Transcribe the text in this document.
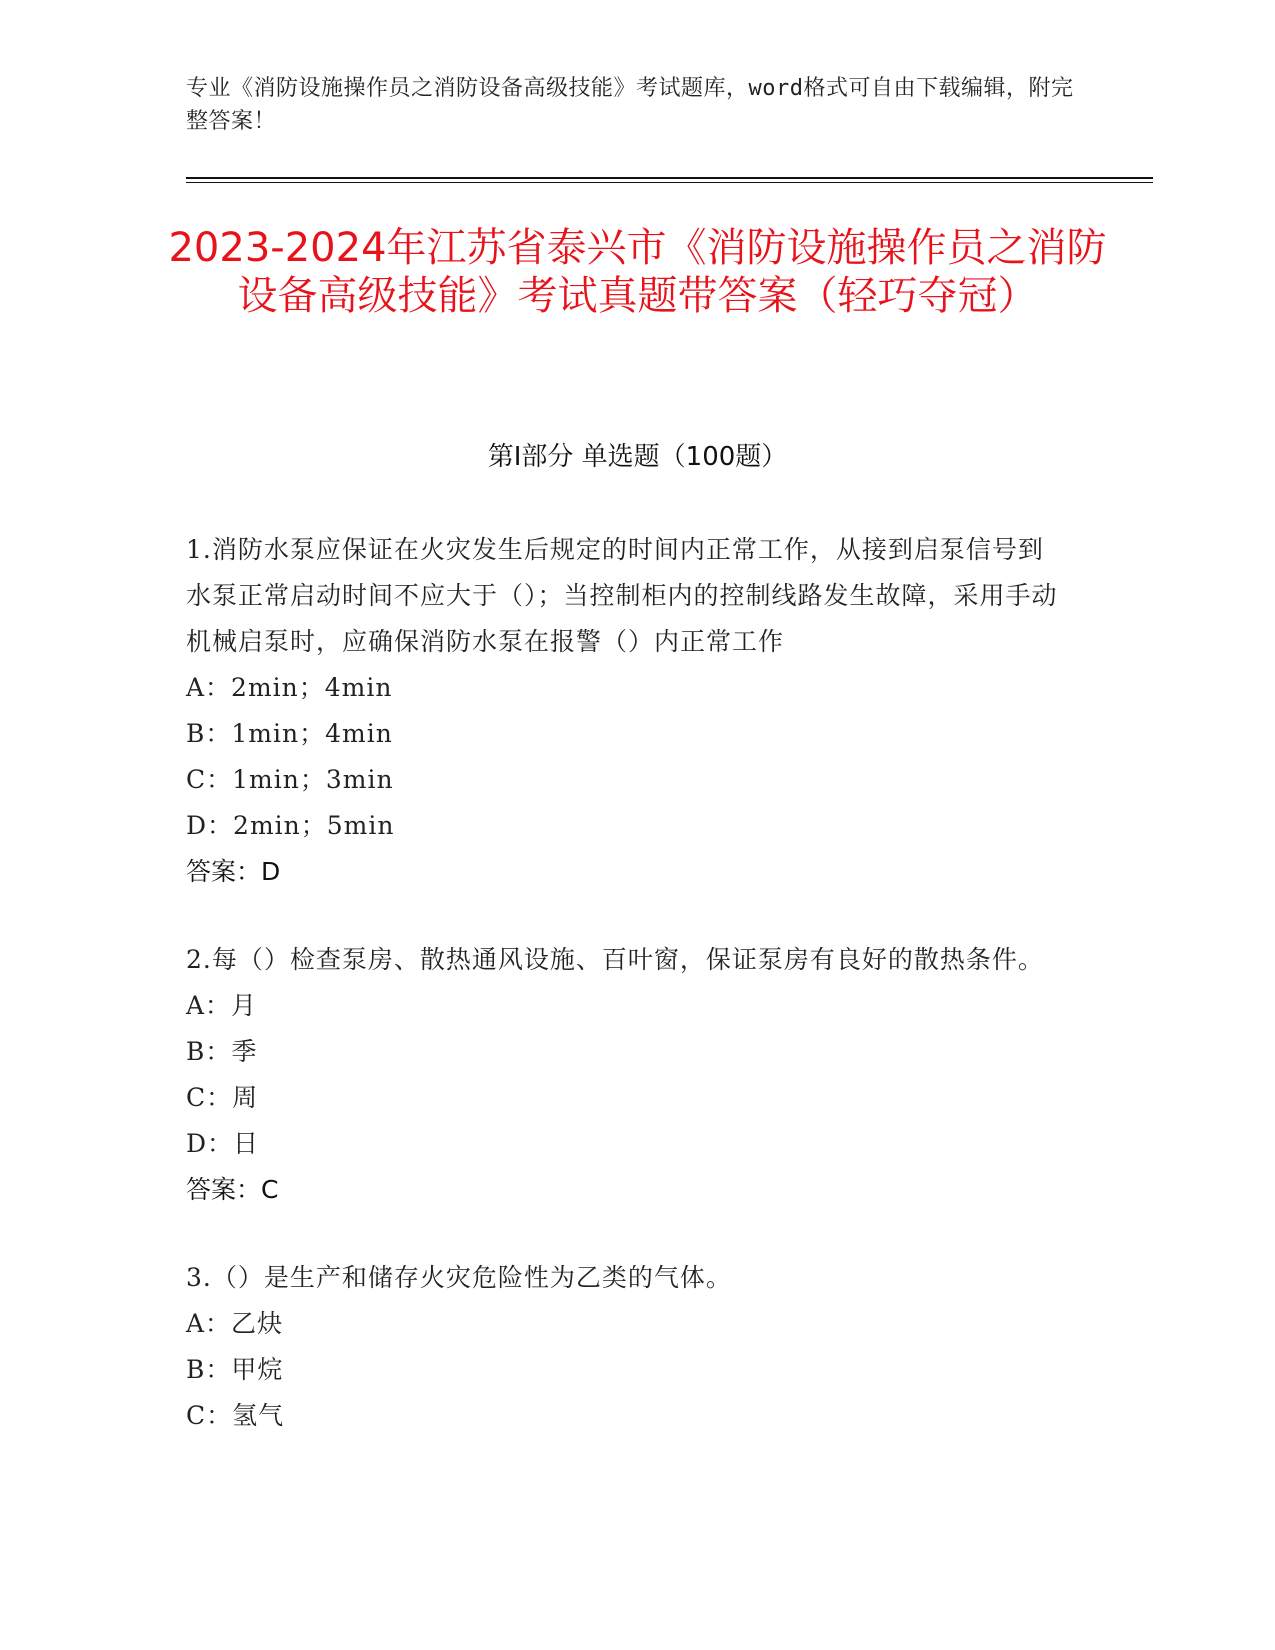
专业《消防设施操作员之消防设备高级技能》考试题库，word格式可自由下载编辑，附完整答案！
2023-2024年江苏省泰兴市《消防设施操作员之消防设备高级技能》考试真题带答案（轻巧夺冠）
第Ⅰ部分 单选题（100题）
1.消防水泵应保证在火灾发生后规定的时间内正常工作，从接到启泵信号到水泵正常启动时间不应大于（）；当控制柜内的控制线路发生故障，采用手动机械启泵时，应确保消防水泵在报警（）内正常工作
A：2min；4min
B：1min；4min
C：1min；3min
D：2min；5min
答案：D
2.每（）检查泵房、散热通风设施、百叶窗，保证泵房有良好的散热条件。
A：月
B：季
C：周
D：日
答案：C
3.（）是生产和储存火灾危险性为乙类的气体。
A：乙炔
B：甲烷
C：氢气
